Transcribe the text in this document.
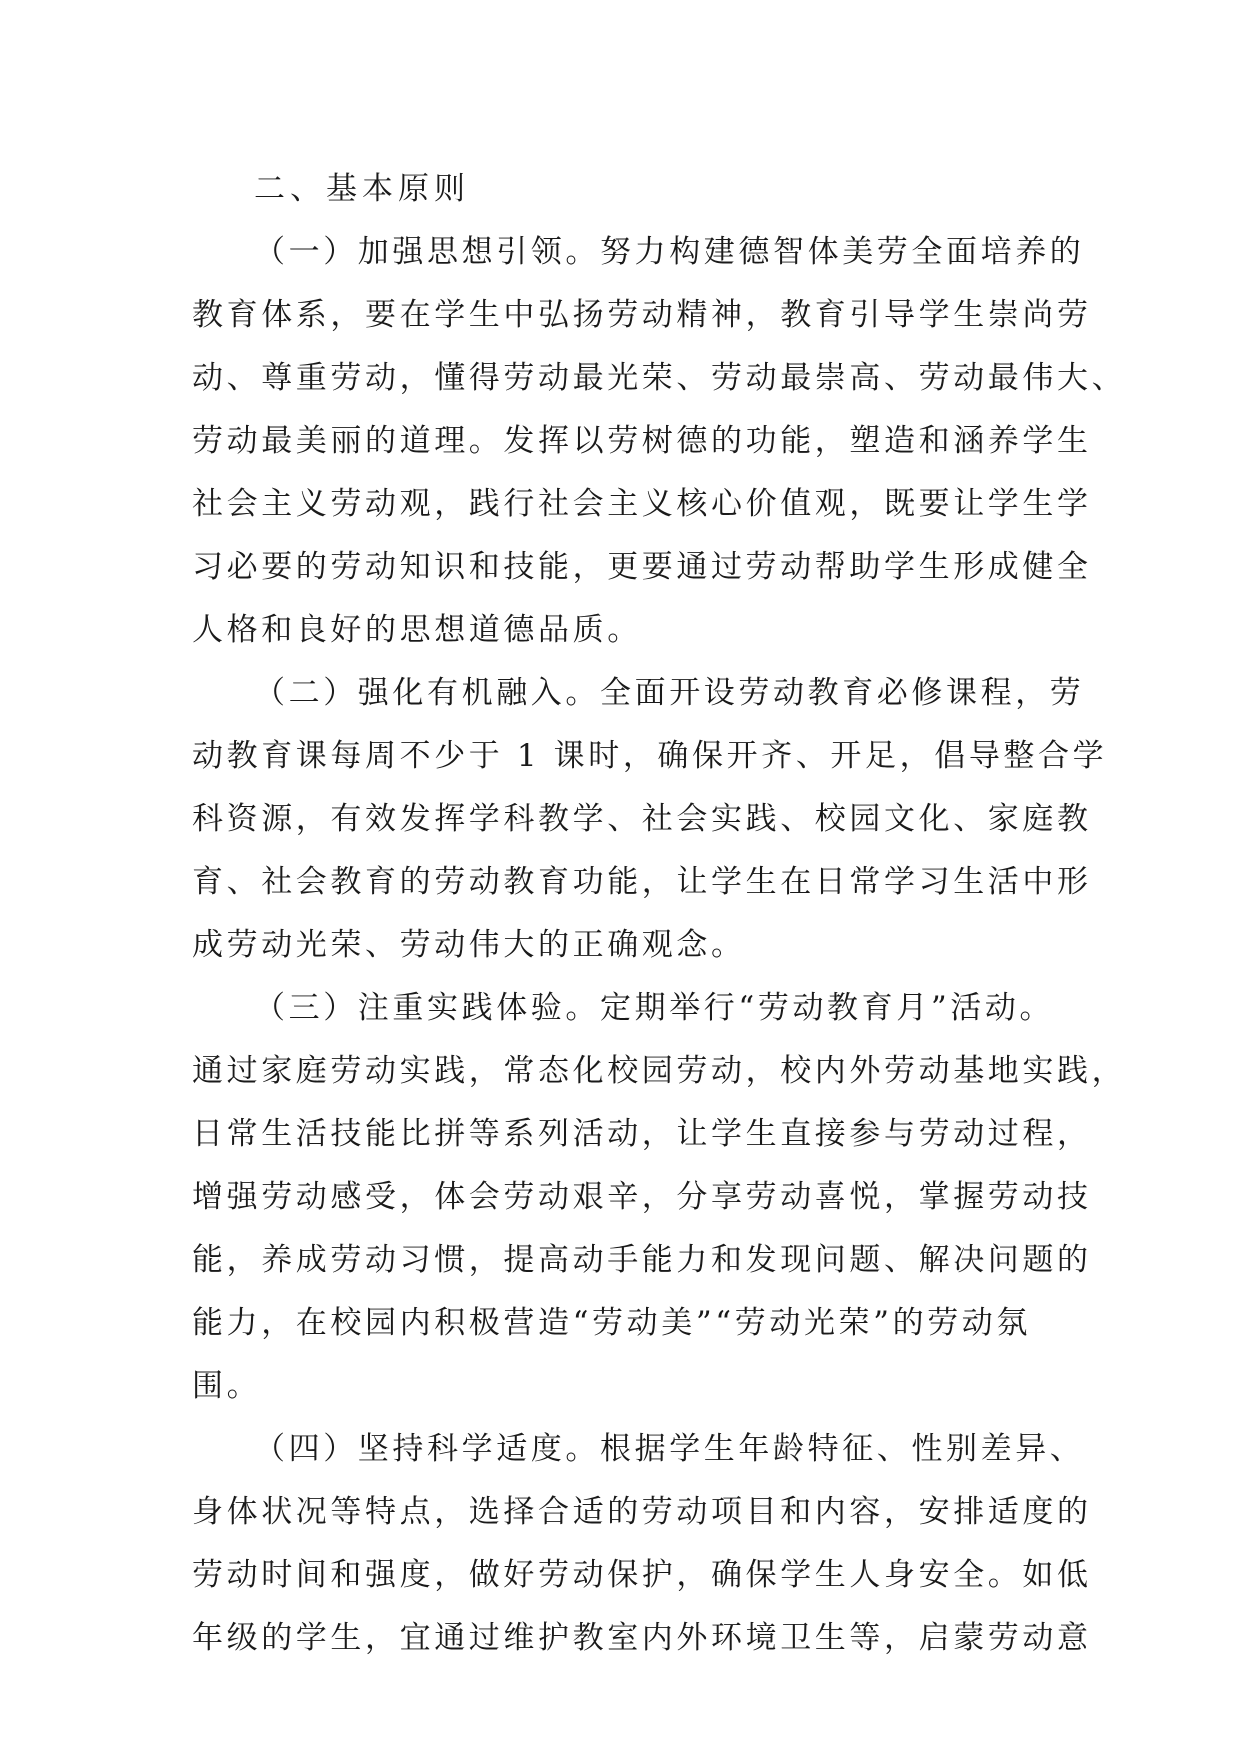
二、基本原则
（一）加强思想引领。努力构建德智体美劳全面培养的
教育体系，要在学生中弘扬劳动精神，教育引导学生崇尚劳
动、尊重劳动，懂得劳动最光荣、劳动最崇高、劳动最伟大、
劳动最美丽的道理。发挥以劳树德的功能，塑造和涵养学生
社会主义劳动观，践行社会主义核心价值观，既要让学生学
习必要的劳动知识和技能，更要通过劳动帮助学生形成健全
人格和良好的思想道德品质。
（二）强化有机融入。全面开设劳动教育必修课程，劳
动教育课每周不少于 1 课时，确保开齐、开足，倡导整合学
科资源，有效发挥学科教学、社会实践、校园文化、家庭教
育、社会教育的劳动教育功能，让学生在日常学习生活中形
成劳动光荣、劳动伟大的正确观念。
（三）注重实践体验。定期举行“劳动教育月”活动。
通过家庭劳动实践，常态化校园劳动，校内外劳动基地实践，
日常生活技能比拼等系列活动，让学生直接参与劳动过程，
增强劳动感受，体会劳动艰辛，分享劳动喜悦，掌握劳动技
能，养成劳动习惯，提高动手能力和发现问题、解决问题的
能力，在校园内积极营造“劳动美”“劳动光荣”的劳动氛
围。
（四）坚持科学适度。根据学生年龄特征、性别差异、
身体状况等特点，选择合适的劳动项目和内容，安排适度的
劳动时间和强度，做好劳动保护，确保学生人身安全。如低
年级的学生，宜通过维护教室内外环境卫生等，启蒙劳动意
